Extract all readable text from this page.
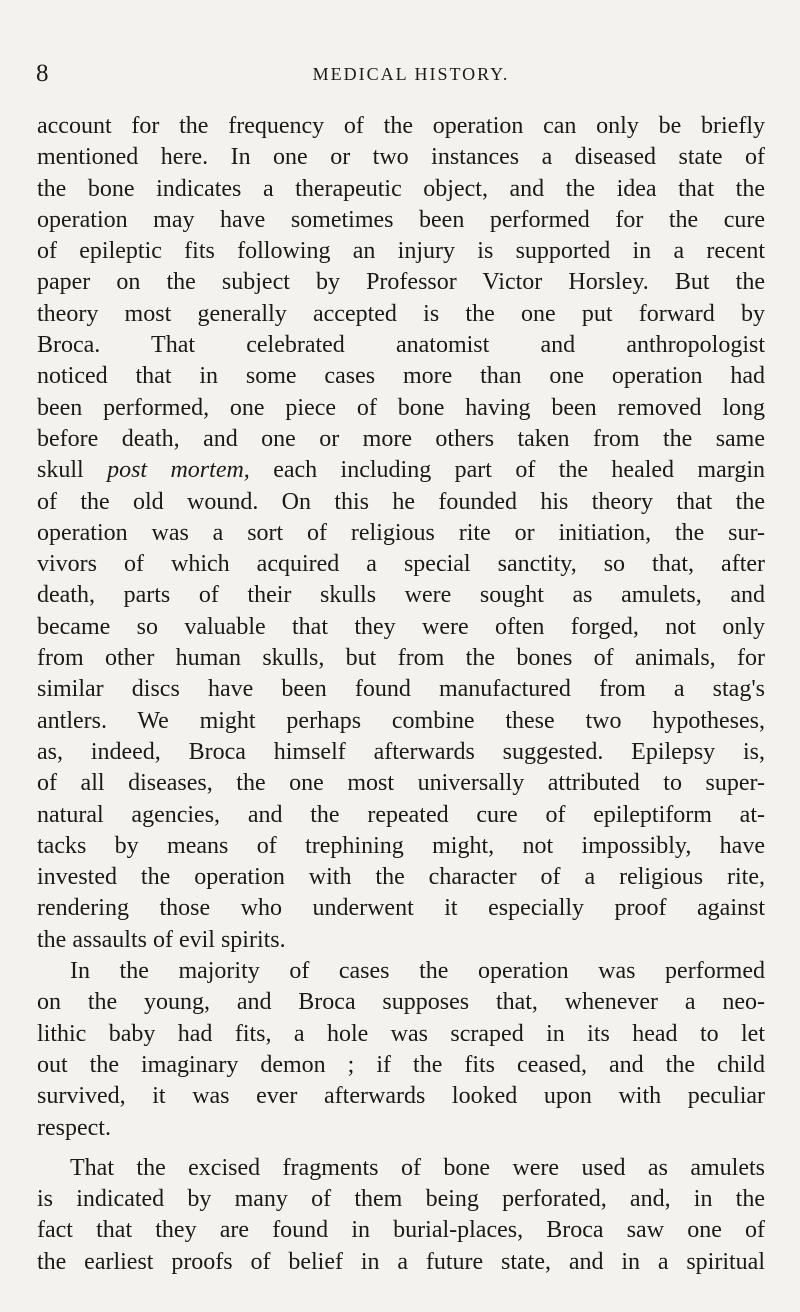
8	MEDICAL HISTORY.

account for the frequency of the operation can only be briefly
mentioned here. In one or two instances a diseased state of
the bone indicates a therapeutic object, and the idea that the
operation may have sometimes been performed for the cure
of epileptic fits following an injury is supported in a recent
paper on the subject by Professor Victor Horsley. But the
theory most generally accepted is the one put forward by
Broca. That celebrated anatomist and anthropologist
noticed that in some cases more than one operation had
been performed, one piece of bone having been removed long
before death, and one or more others taken from the same
skull post mortem, each including part of the healed margin
of the old wound. On this he founded his theory that the
operation was a sort of religious rite or initiation, the sur-
vivors of which acquired a special sanctity, so that, after
death, parts of their skulls were sought as amulets, and
became so valuable that they were often forged, not only
from other human skulls, but from the bones of animals, for
similar discs have been found manufactured from a stag's
antlers. We might perhaps combine these two hypotheses,
as, indeed, Broca himself afterwards suggested. Epilepsy is,
of all diseases, the one most universally attributed to super-
natural agencies, and the repeated cure of epileptiform at-
tacks by means of trephining might, not impossibly, have
invested the operation with the character of a religious rite,
rendering those who underwent it especially proof against
the assaults of evil spirits.

In the majority of cases the operation was performed
on the young, and Broca supposes that, whenever a neo-
lithic baby had fits, a hole was scraped in its head to let
out the imaginary demon ; if the fits ceased, and the child
survived, it was ever afterwards looked upon with peculiar
respect.

That the excised fragments of bone were used as amulets
is indicated by many of them being perforated, and, in the
fact that they are found in burial-places, Broca saw one of
the earliest proofs of belief in a future state, and in a spiritual
